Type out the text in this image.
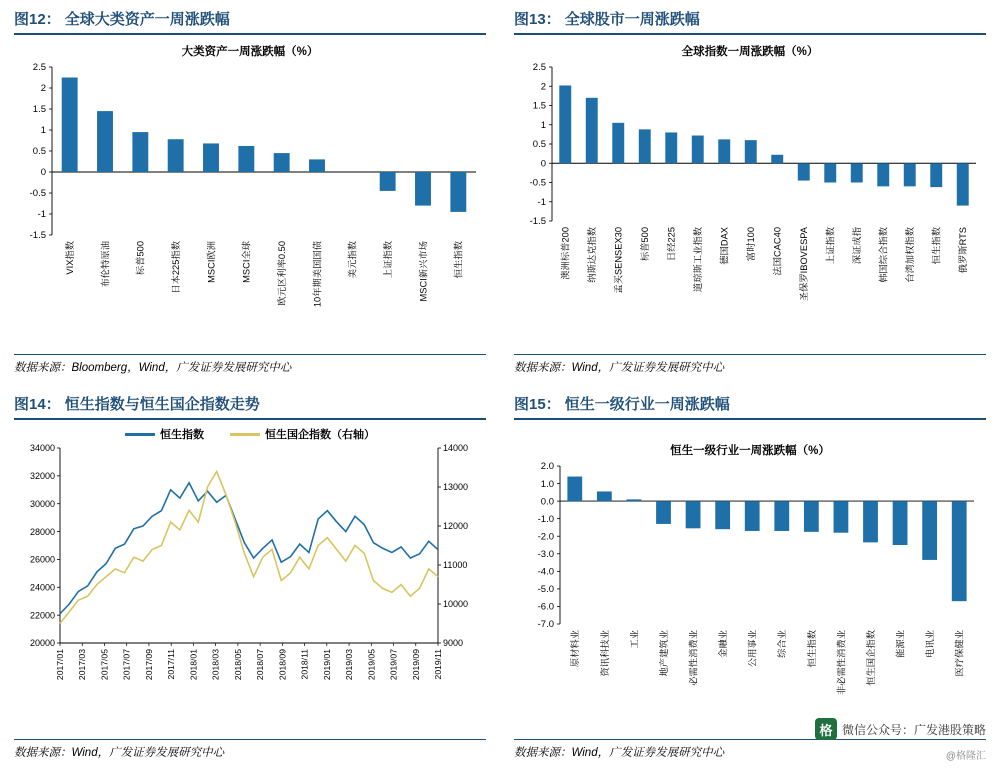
图12： 全球大类资产一周涨跌幅
大类资产一周涨跌幅（%）
-1.5
-1
-0.5
0
0.5
1
1.5
2
2.5
VIX指数	布伦特原油	标普500	日本225指数	MSCI欧洲	MSCI全球	欧元区利率0.50	10年期美国国债	美元指数	上证指数	MSCI新兴市场	恒生指数
数据来源：Bloomberg，Wind，广发证券发展研究中心
图13： 全球股市一周涨跌幅
全球指数一周涨跌幅（%）
-1.5
-1
-0.5
0
0.5
1
1.5
2
2.5
澳洲标普200 纳斯达克指数 孟买SENSEX30 标普500 日经225 道琼斯工业指数 德国DAX 富时100 法国CAC40 圣保罗IBOVESPA 上证指数 深证成指 韩国综合指数 台湾加权指数 恒生指数 俄罗斯RTS
数据来源：Wind，广发证券发展研究中心
图14： 恒生指数与恒生国企指数走势
恒生指数	恒生国企指数（右轴）
20000
22000
24000
26000
28000
30000
32000
34000
9000
10000
11000
12000
13000
14000
2017/01 2017/03 2017/05 2017/07 2017/09 2017/11 2018/01 2018/03 2018/05 2018/07 2018/09 2018/11 2019/01 2019/03 2019/05 2019/07 2019/09 2019/11
数据来源：Wind，广发证券发展研究中心
图15： 恒生一级行业一周涨跌幅
恒生一级行业一周涨跌幅（%）
2.0
1.0
0.0
-1.0
-2.0
-3.0
-4.0
-5.0
-6.0
-7.0
原材料业 资讯科技业 工业 地产建筑业 必需性消费业 金融业 公用事业 综合业 恒生指数 非必需性消费业 恒生国企指数 能源业 电讯业 医疗保健业
数据来源：Wind，广发证券发展研究中心
格 微信公众号：广发港股策略
@格隆汇
